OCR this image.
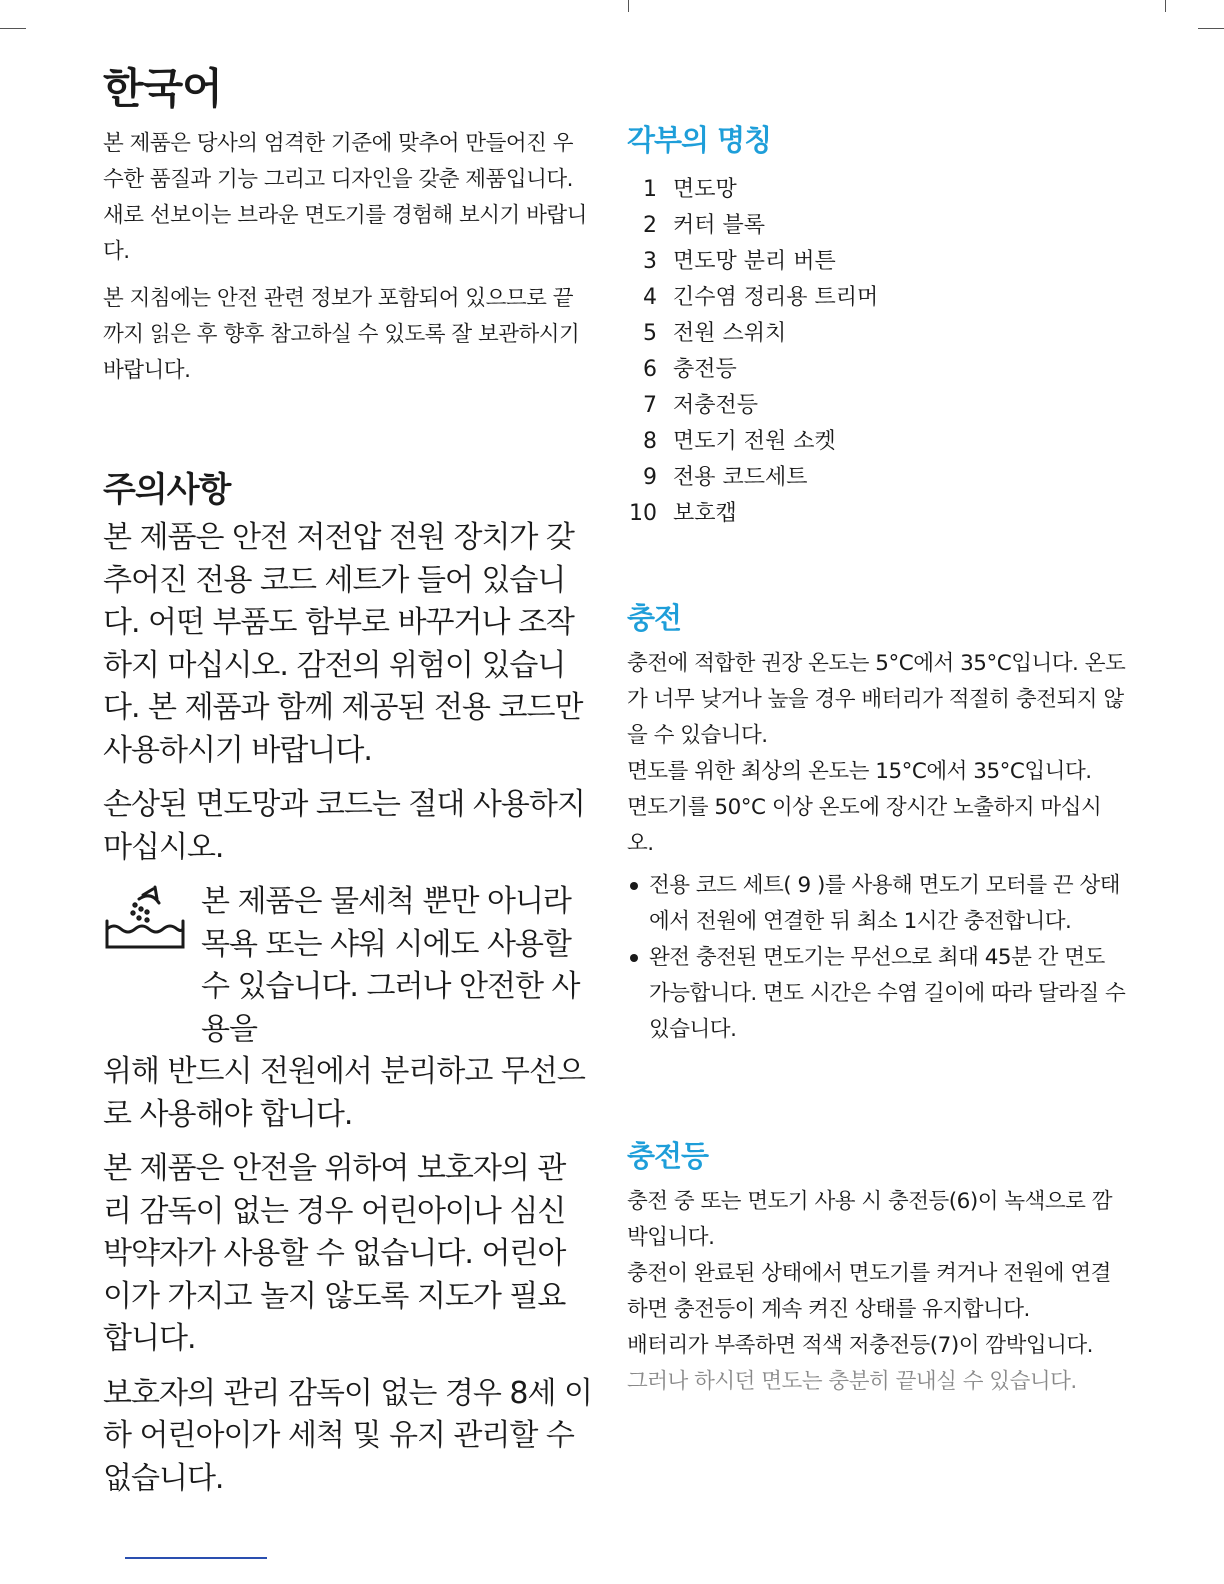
한국어

본 제품은 당사의 엄격한 기준에 맞추어 만들어진 우수한 품질과 기능 그리고 디자인을 갖춘 제품입니다. 새로 선보이는 브라운 면도기를 경험해 보시기 바랍니다.

본 지침에는 안전 관련 정보가 포함되어 있으므로 끝까지 읽은 후 향후 참고하실 수 있도록 잘 보관하시기 바랍니다.

주의사항

본 제품은 안전 저전압 전원 장치가 갖추어진 전용 코드 세트가 들어 있습니다. 어떤 부품도 함부로 바꾸거나 조작하지 마십시오. 감전의 위험이 있습니다. 본 제품과 함께 제공된 전용 코드만 사용하시기 바랍니다.

손상된 면도망과 코드는 절대 사용하지 마십시오.

본 제품은 물세척 뿐만 아니라 목욕 또는 샤워 시에도 사용할 수 있습니다. 그러나 안전한 사용을

위해 반드시 전원에서 분리하고 무선으로 사용해야 합니다.

본 제품은 안전을 위하여 보호자의 관리 감독이 없는 경우 어린아이나 심신박약자가 사용할 수 없습니다. 어린아이가 가지고 놀지 않도록 지도가 필요합니다.

보호자의 관리 감독이 없는 경우 8세 이하 어린아이가 세척 및 유지 관리할 수 없습니다.

각부의 명칭
1 면도망
2 커터 블록
3 면도망 분리 버튼
4 긴수염 정리용 트리머
5 전원 스위치
6 충전등
7 저충전등
8 면도기 전원 소켓
9 전용 코드세트
10 보호캡
충전

충전에 적합한 권장 온도는 5°C에서 35°C입니다. 온도가 너무 낮거나 높을 경우 배터리가 적절히 충전되지 않을 수 있습니다.

면도를 위한 최상의 온도는 15°C에서 35°C입니다.

면도기를 50°C 이상 온도에 장시간 노출하지 마십시오.

전용 코드 세트( 9 )를 사용해 면도기 모터를 끈 상태에서 전원에 연결한 뒤 최소 1시간 충전합니다.
완전 충전된 면도기는 무선으로 최대 45분 간 면도 가능합니다. 면도 시간은 수염 길이에 따라 달라질 수 있습니다.
충전등

충전 중 또는 면도기 사용 시 충전등(6)이 녹색으로 깜박입니다.

충전이 완료된 상태에서 면도기를 켜거나 전원에 연결하면 충전등이 계속 켜진 상태를 유지합니다.

배터리가 부족하면 적색 저충전등(7)이 깜박입니다.

그러나 하시던 면도는 충분히 끝내실 수 있습니다.
